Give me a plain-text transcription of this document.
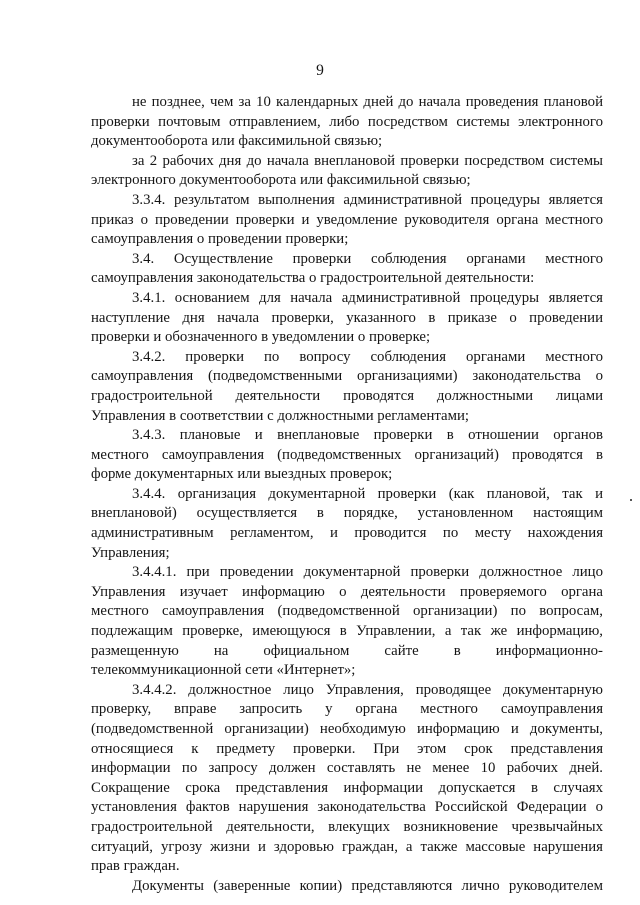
9
не позднее, чем за 10 календарных дней до начала проведения плановой
проверки почтовым отправлением, либо посредством системы электронного
документооборота или факсимильной связью;
за 2 рабочих дня до начала внеплановой проверки посредством системы
электронного документооборота или факсимильной связью;
3.3.4. результатом выполнения административной процедуры является
приказ о проведении проверки и уведомление руководителя органа местного
самоуправления о проведении проверки;
3.4. Осуществление проверки соблюдения органами местного
самоуправления законодательства о градостроительной деятельности:
3.4.1. основанием для начала административной процедуры является
наступление дня начала проверки, указанного в приказе о проведении
проверки и обозначенного в уведомлении о проверке;
3.4.2. проверки по вопросу соблюдения органами местного
самоуправления (подведомственными организациями) законодательства о
градостроительной деятельности проводятся должностными лицами
Управления в соответствии с должностными регламентами;
3.4.3. плановые и внеплановые проверки в отношении органов
местного самоуправления (подведомственных организаций) проводятся в
форме документарных или выездных проверок;
3.4.4. организация документарной проверки (как плановой, так и
внеплановой) осуществляется в порядке, установленном настоящим
административным регламентом, и проводится по месту нахождения
Управления;
3.4.4.1. при проведении документарной проверки должностное лицо
Управления изучает информацию о деятельности проверяемого органа
местного самоуправления (подведомственной организации) по вопросам,
подлежащим проверке, имеющуюся в Управлении, а так же информацию,
размещенную на официальном сайте в информационно-
телекоммуникационной сети «Интернет»;
3.4.4.2. должностное лицо Управления, проводящее документарную
проверку, вправе запросить у органа местного самоуправления
(подведомственной организации) необходимую информацию и документы,
относящиеся к предмету проверки. При этом срок представления
информации по запросу должен составлять не менее 10 рабочих дней.
Сокращение срока представления информации допускается в случаях
установления фактов нарушения законодательства Российской Федерации о
градостроительной деятельности, влекущих возникновение чрезвычайных
ситуаций, угрозу жизни и здоровью граждан, а также массовые нарушения
прав граждан.
Документы (заверенные копии) представляются лично руководителем
